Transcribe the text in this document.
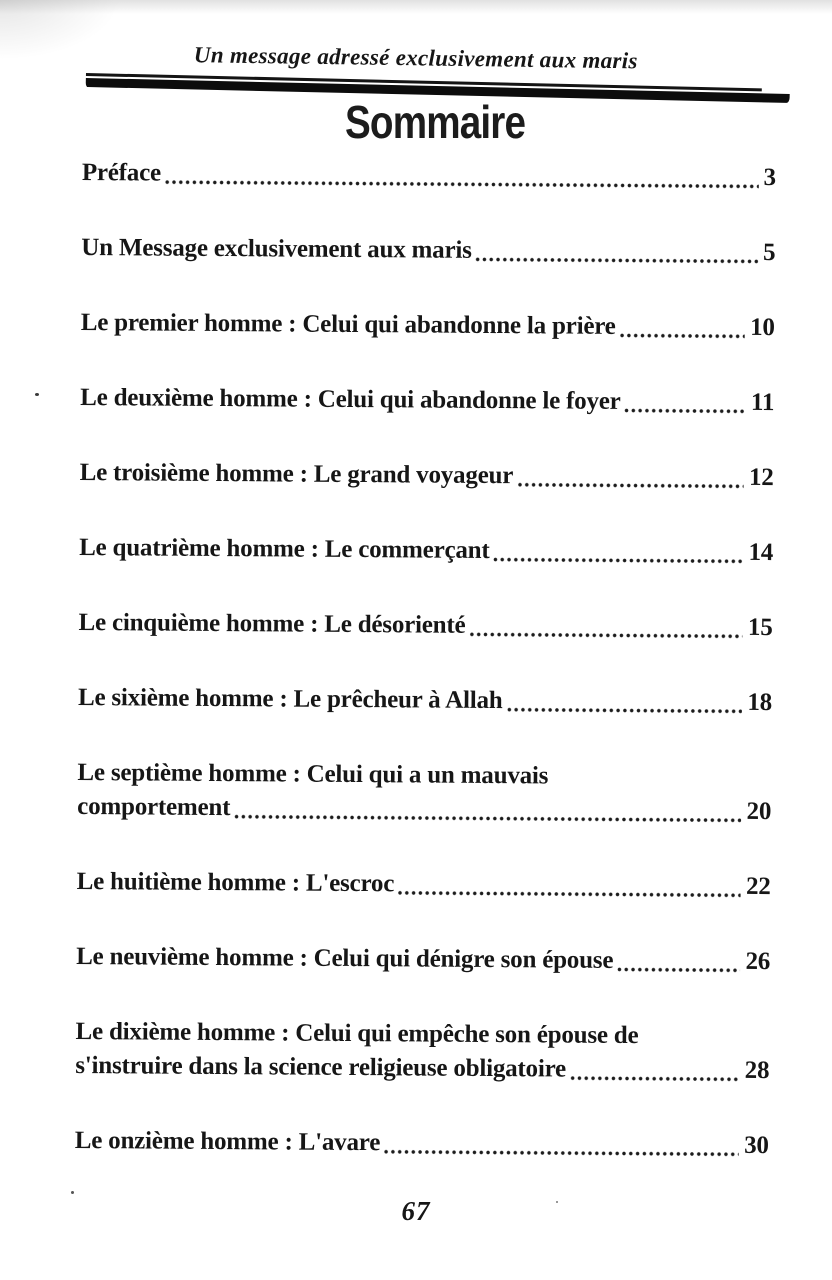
Un message adressé exclusivement aux maris
Sommaire
Préface	3
Un Message exclusivement aux maris	5
Le premier homme : Celui qui abandonne la prière	10
Le deuxième homme : Celui qui abandonne le foyer	11
Le troisième homme : Le grand voyageur	12
Le quatrième homme : Le commerçant	14
Le cinquième homme : Le désorienté	15
Le sixième homme : Le prêcheur à Allah	18
Le septième homme : Celui qui a un mauvais
comportement	20
Le huitième homme : L'escroc	22
Le neuvième homme : Celui qui dénigre son épouse	26
Le dixième homme : Celui qui empêche son épouse de
s'instruire dans la science religieuse obligatoire	28
Le onzième homme : L'avare	30
67
